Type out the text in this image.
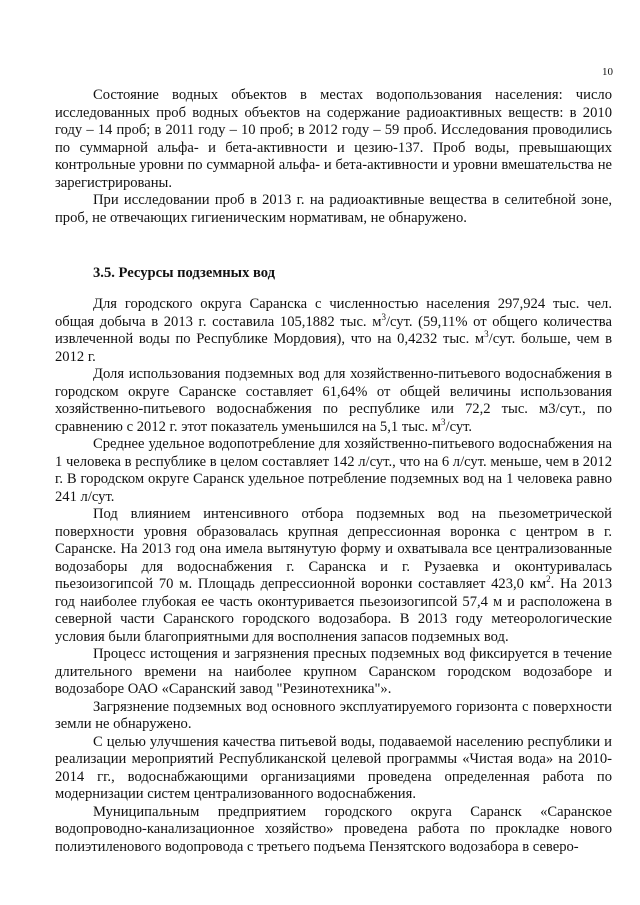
10

Состояние водных объектов в местах водопользования населения: число исследованных проб водных объектов на содержание радиоактивных веществ: в 2010 году – 14 проб; в 2011 году – 10 проб; в 2012 году – 59 проб. Исследования проводились по суммарной альфа- и бета-активности и цезию-137. Проб воды, превышающих контрольные уровни по суммарной альфа- и бета-активности и уровни вмешательства не зарегистрированы.

При исследовании проб в 2013 г. на радиоактивные вещества в селитебной зоне, проб, не отвечающих гигиеническим нормативам, не обнаружено.

3.5. Ресурсы подземных вод

Для городского округа Саранска с численностью населения 297,924 тыс. чел. общая добыча в 2013 г. составила 105,1882 тыс. $м^3$/сут. (59,11% от общего количества извлеченной воды по Республике Мордовия), что на 0,4232 тыс. $м^3$/сут. больше, чем в 2012 г.

Доля использования подземных вод для хозяйственно-питьевого водоснабжения в городском округе Саранске составляет 61,64% от общей величины использования хозяйственно-питьевого водоснабжения по республике или 72,2 тыс. м3/сут., по сравнению с 2012 г. этот показатель уменьшился на 5,1 тыс. $м^3$/сут.

Среднее удельное водопотребление для хозяйственно-питьевого водоснабжения на 1 человека в республике в целом составляет 142 л/сут., что на 6 л/сут. меньше, чем в 2012 г. В городском округе Саранск удельное потребление подземных вод на 1 человека равно 241 л/сут.

Под влиянием интенсивного отбора подземных вод на пьезометрической поверхности уровня образовалась крупная депрессионная воронка с центром в г. Саранске. На 2013 год она имела вытянутую форму и охватывала все централизованные водозаборы для водоснабжения г. Саранска и г. Рузаевка и оконтуривалась пьезоизогипсой 70 м. Площадь депрессионной воронки составляет 423,0 $км^2$. На 2013 год наиболее глубокая ее часть оконтуривается пьезоизогипсой 57,4 м и расположена в северной части Саранского городского водозабора. В 2013 году метеорологические условия были благоприятными для восполнения запасов подземных вод.

Процесс истощения и загрязнения пресных подземных вод фиксируется в течение длительного времени на наиболее крупном Саранском городском водозаборе и водозаборе ОАО «Саранский завод "Резинотехника"».

Загрязнение подземных вод основного эксплуатируемого горизонта с поверхности земли не обнаружено.

С целью улучшения качества питьевой воды, подаваемой населению республики и реализации мероприятий Республиканской целевой программы «Чистая вода» на 2010-2014 гг., водоснабжающими организациями проведена определенная работа по модернизации систем централизованного водоснабжения.

Муниципальным предприятием городского округа Саранск «Саранское водопроводно-канализационное хозяйство» проведена работа по прокладке нового полиэтиленового водопровода с третьего подъема Пензятского водозабора в северо-
